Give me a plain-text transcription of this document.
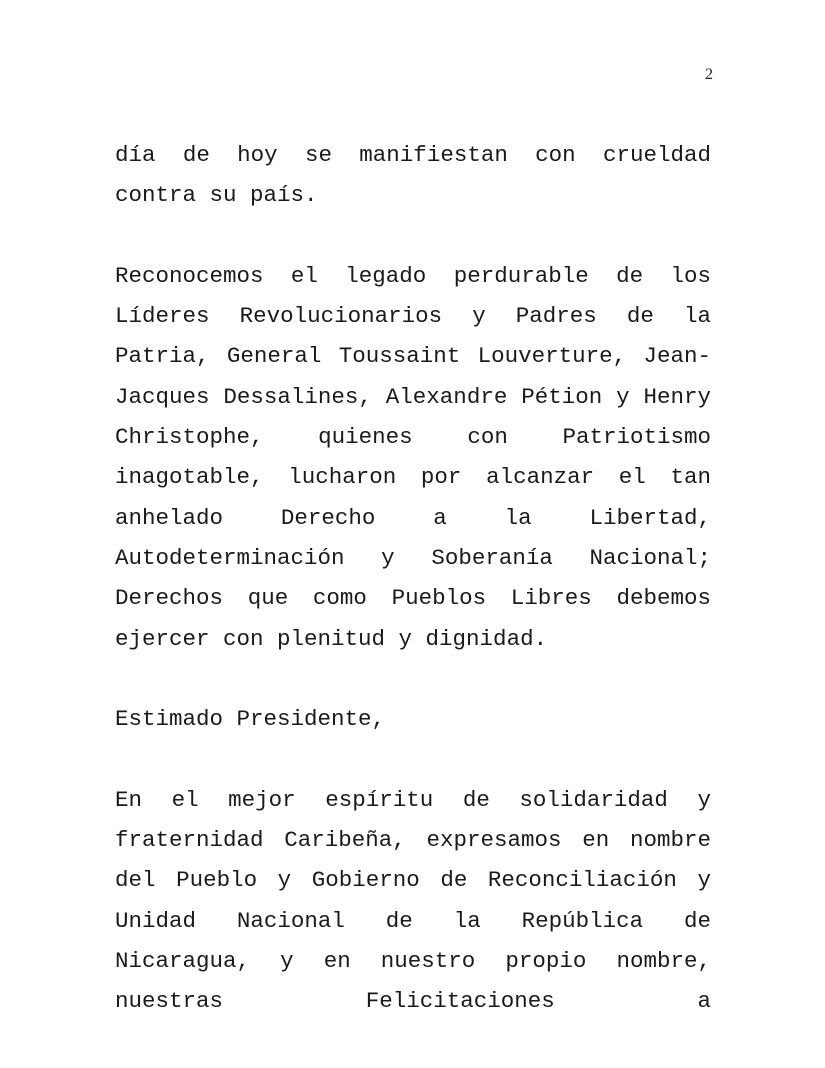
2

día de hoy se manifiestan con crueldad contra su país.

Reconocemos el legado perdurable de los Líderes Revolucionarios y Padres de la Patria, General Toussaint Louverture, Jean-Jacques Dessalines, Alexandre Pétion y Henry Christophe, quienes con Patriotismo inagotable, lucharon por alcanzar el tan anhelado Derecho a la Libertad, Autodeterminación y Soberanía Nacional; Derechos que como Pueblos Libres debemos ejercer con plenitud y dignidad.

Estimado Presidente,

En el mejor espíritu de solidaridad y fraternidad Caribeña, expresamos en nombre del Pueblo y Gobierno de Reconciliación y Unidad Nacional de la República de Nicaragua, y en nuestro propio nombre, nuestras Felicitaciones a
